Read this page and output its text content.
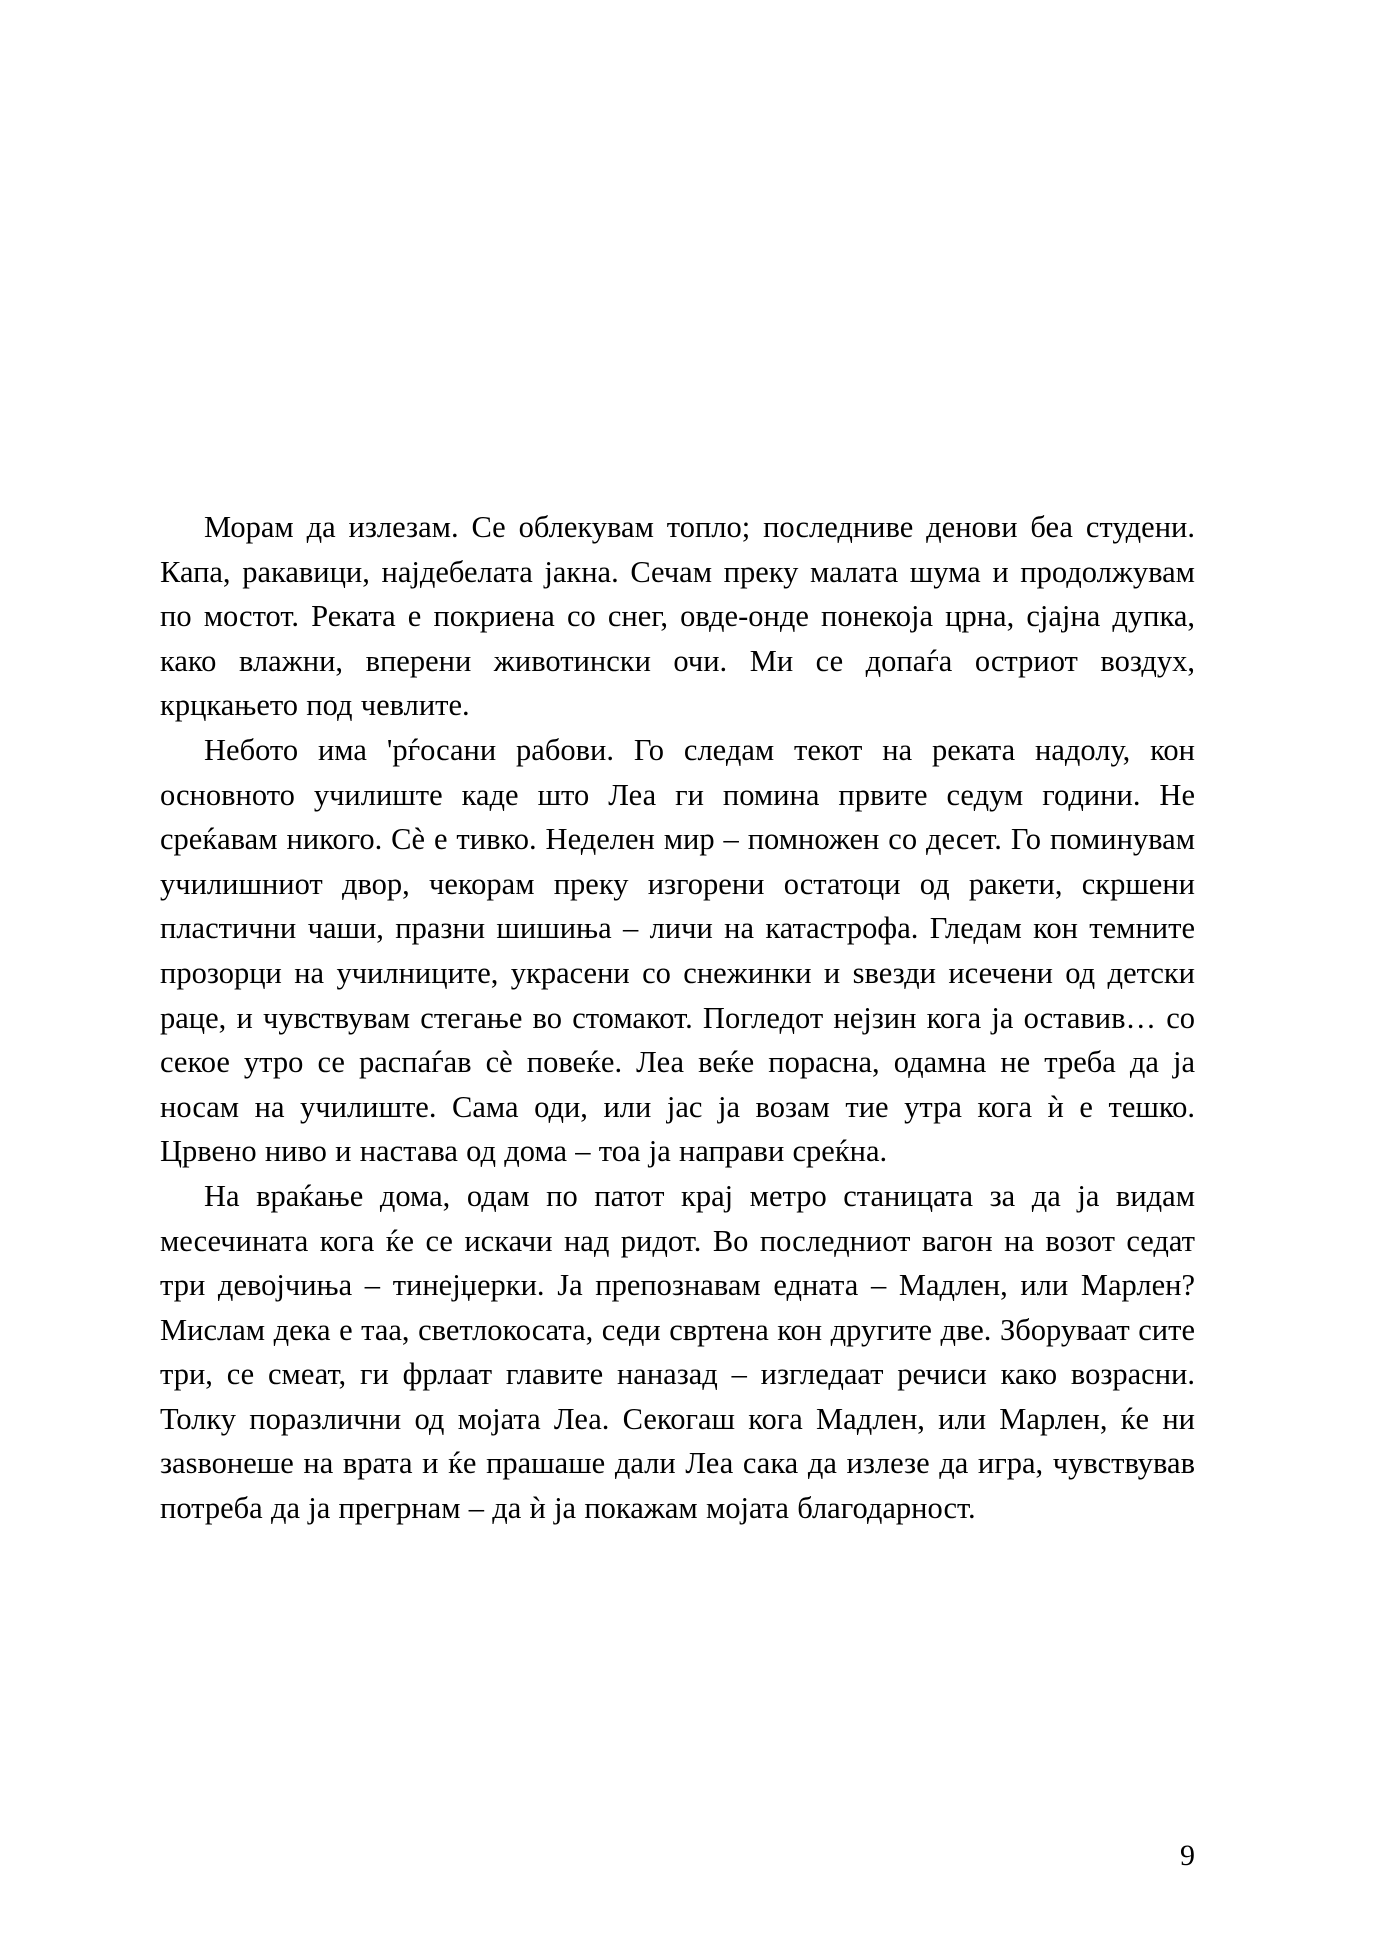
Морам да излезам. Се облекувам топло; последниве денови беа студени. Капа, ракавици, најдебелата јакна. Сечам преку малата шума и продолжувам по мостот. Реката е покриена со снег, овде-онде понекоја црна, сјајна дупка, како влажни, вперени животински очи. Ми се допаѓа остриот воздух, крцкањето под чевлите.

Небото има 'рѓосани рабови. Го следам текот на реката надолу, кон основното училиште каде што Леа ги помина првите седум години. Не среќавам никого. Сѐ е тивко. Неделен мир – помножен со десет. Го поминувам училишниот двор, чекорам преку изгорени остатоци од ракети, скршени пластични чаши, празни шишиња – личи на катастрофа. Гледам кон темните прозорци на училниците, украсени со снежинки и ѕвезди исечени од детски раце, и чувствувам стегање во стомакот. Погледот нејзин кога ја оставив… со секое утро се распаѓав сѐ повеќе. Леа веќе порасна, одамна не треба да ја носам на училиште. Сама оди, или јас ја возам тие утра кога ѝ е тешко. Црвено ниво и настава од дома – тоа ја направи среќна.

На враќање дома, одам по патот крај метро станицата за да ја видам месечината кога ќе се искачи над ридот. Во последниот вагон на возот седат три девојчиња – тинејџерки. Ја препознавам едната – Мадлен, или Марлен? Мислам дека е таа, светлокосата, седи свртена кон другите две. Зборуваат сите три, се смеат, ги фрлаат главите наназад – изгледаат речиси како возрасни. Толку поразлични од мојата Леа. Секогаш кога Мадлен, или Марлен, ќе ни заѕвонеше на врата и ќе прашаше дали Леа сака да излезе да игра, чувствував потреба да ја прегрнам – да ѝ ја покажам мојата благодарност.

9
